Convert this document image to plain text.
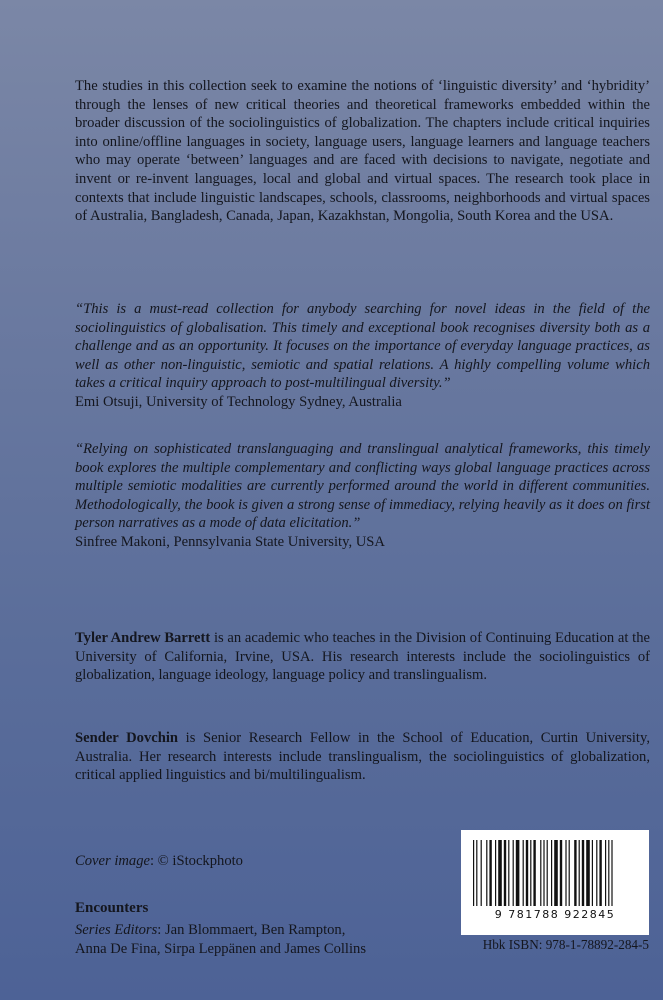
The studies in this collection seek to examine the notions of ‘linguistic diversity’ and ‘hybridity’ through the lenses of new critical theories and theoretical frameworks embedded within the broader discussion of the sociolinguistics of globalization. The chapters include critical inquiries into online/offline languages in society, language users, language learners and language teachers who may operate ‘between’ languages and are faced with decisions to navigate, negotiate and invent or re-invent languages, local and global and virtual spaces. The research took place in contexts that include linguistic landscapes, schools, classrooms, neighborhoods and virtual spaces of Australia, Bangladesh, Canada, Japan, Kazakhstan, Mongolia, South Korea and the USA.
“This is a must-read collection for anybody searching for novel ideas in the field of the sociolinguistics of globalisation. This timely and exceptional book recognises diversity both as a challenge and as an opportunity. It focuses on the importance of everyday language practices, as well as other non-linguistic, semiotic and spatial relations. A highly compelling volume which takes a critical inquiry approach to post-multilingual diversity.”
Emi Otsuji, University of Technology Sydney, Australia
“Relying on sophisticated translanguaging and translingual analytical frameworks, this timely book explores the multiple complementary and conflicting ways global language practices across multiple semiotic modalities are currently performed around the world in different communities. Methodologically, the book is given a strong sense of immediacy, relying heavily as it does on first person narratives as a mode of data elicitation.”
Sinfree Makoni, Pennsylvania State University, USA
Tyler Andrew Barrett is an academic who teaches in the Division of Continuing Education at the University of California, Irvine, USA. His research interests include the sociolinguistics of globalization, language ideology, language policy and translingualism.
Sender Dovchin is Senior Research Fellow in the School of Education, Curtin University, Australia. Her research interests include translingualism, the sociolinguistics of globalization, critical applied linguistics and bi/multilingualism.
Cover image: © iStockphoto
Encounters
Series Editors: Jan Blommaert, Ben Rampton,
Anna De Fina, Sirpa Leppänen and James Collins
9 781788 922845
Hbk ISBN: 978-1-78892-284-5
